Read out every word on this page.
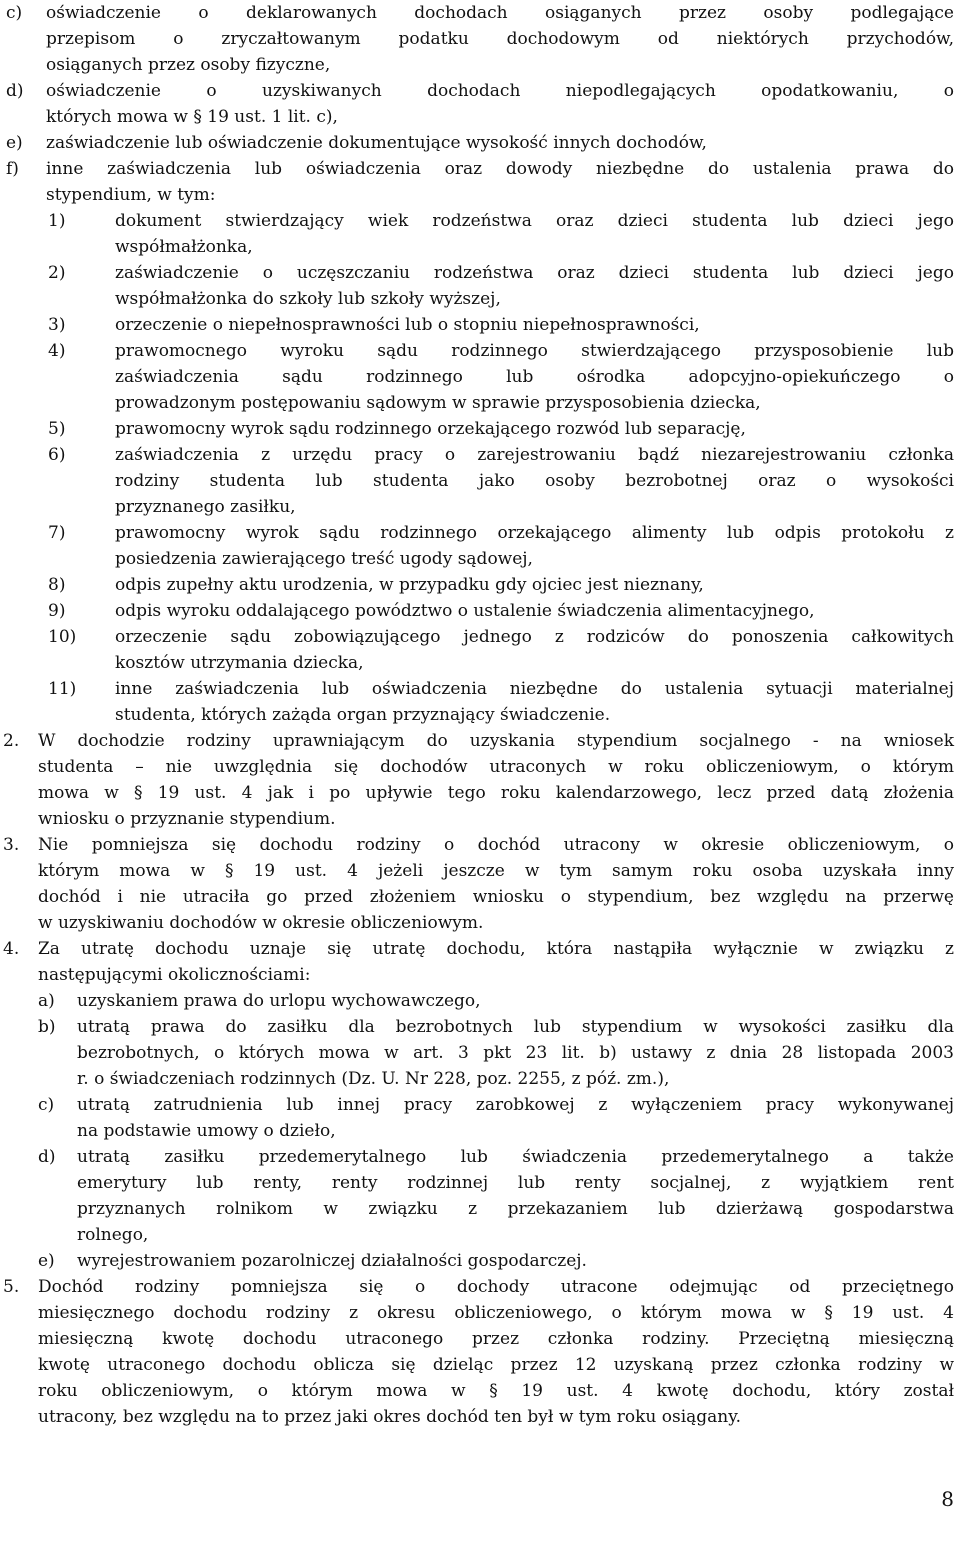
c) oświadczenie o deklarowanych dochodach osiąganych przez osoby podlegające
przepisom o zryczałtowanym podatku dochodowym od niektórych przychodów,
osiąganych przez osoby fizyczne,
d) oświadczenie o uzyskiwanych dochodach niepodlegających opodatkowaniu, o
których mowa w § 19 ust. 1 lit. c),
e) zaświadczenie lub oświadczenie dokumentujące wysokość innych dochodów,
f) inne zaświadczenia lub oświadczenia oraz dowody niezbędne do ustalenia prawa do
stypendium, w tym:
1)	dokument stwierdzający wiek rodzeństwa oraz dzieci studenta lub dzieci jego
współmałżonka,
2)	zaświadczenie o uczęszczaniu rodzeństwa oraz dzieci studenta lub dzieci jego
współmałżonka do szkoły lub szkoły wyższej,
3)	orzeczenie o niepełnosprawności lub o stopniu niepełnosprawności,
4)	prawomocnego wyroku sądu rodzinnego stwierdzającego przysposobienie lub
zaświadczenia sądu rodzinnego lub ośrodka adopcyjno-opiekuńczego o
prowadzonym postępowaniu sądowym w sprawie przysposobienia dziecka,
5)	prawomocny wyrok sądu rodzinnego orzekającego rozwód lub separację,
6)	zaświadczenia z urzędu pracy o zarejestrowaniu bądź niezarejestrowaniu członka
rodziny studenta lub studenta jako osoby bezrobotnej oraz o wysokości
przyznanego zasiłku,
7)	prawomocny wyrok sądu rodzinnego orzekającego alimenty lub odpis protokołu z
posiedzenia zawierającego treść ugody sądowej,
8)	odpis zupełny aktu urodzenia, w przypadku gdy ojciec jest nieznany,
9)	odpis wyroku oddalającego powództwo o ustalenie świadczenia alimentacyjnego,
10) orzeczenie sądu zobowiązującego jednego z rodziców do ponoszenia całkowitych
kosztów utrzymania dziecka,
11) inne zaświadczenia lub oświadczenia niezbędne do ustalenia sytuacji materialnej
studenta, których zażąda organ przyznający świadczenie.
2. W dochodzie rodziny uprawniającym do uzyskania stypendium socjalnego - na wniosek
studenta – nie uwzględnia się dochodów utraconych w roku obliczeniowym, o którym
mowa w § 19 ust. 4 jak i po upływie tego roku kalendarzowego, lecz przed datą złożenia
wniosku o przyznanie stypendium.
3. Nie pomniejsza się dochodu rodziny o dochód utracony w okresie obliczeniowym, o
którym mowa w § 19 ust. 4 jeżeli jeszcze w tym samym roku osoba uzyskała inny
dochód i nie utraciła go przed złożeniem wniosku o stypendium, bez względu na przerwę
w uzyskiwaniu dochodów w okresie obliczeniowym.
4. Za utratę dochodu uznaje się utratę dochodu, która nastąpiła wyłącznie w związku z
następującymi okolicznościami:
a) uzyskaniem prawa do urlopu wychowawczego,
b) utratą prawa do zasiłku dla bezrobotnych lub stypendium w wysokości zasiłku dla
bezrobotnych, o których mowa w art. 3 pkt 23 lit. b) ustawy z dnia 28 listopada 2003
r. o świadczeniach rodzinnych (Dz. U. Nr 228, poz. 2255, z póź. zm.),
c) utratą zatrudnienia lub innej pracy zarobkowej z wyłączeniem pracy wykonywanej
na podstawie umowy o dzieło,
d) utratą zasiłku przedemerytalnego lub świadczenia przedemerytalnego a także
emerytury lub renty, renty rodzinnej lub renty socjalnej, z wyjątkiem rent
przyznanych rolnikom w związku z przekazaniem lub dzierżawą gospodarstwa
rolnego,
e) wyrejestrowaniem pozarolniczej działalności gospodarczej.
5. Dochód rodziny pomniejsza się o dochody utracone odejmując od przeciętnego
miesięcznego dochodu rodziny z okresu obliczeniowego, o którym mowa w § 19 ust. 4
miesięczną kwotę dochodu utraconego przez członka rodziny. Przeciętną miesięczną
kwotę utraconego dochodu oblicza się dzieląc przez 12 uzyskaną przez członka rodziny w
roku obliczeniowym, o którym mowa w § 19 ust. 4 kwotę dochodu, który został
utracony, bez względu na to przez jaki okres dochód ten był w tym roku osiągany.
8
